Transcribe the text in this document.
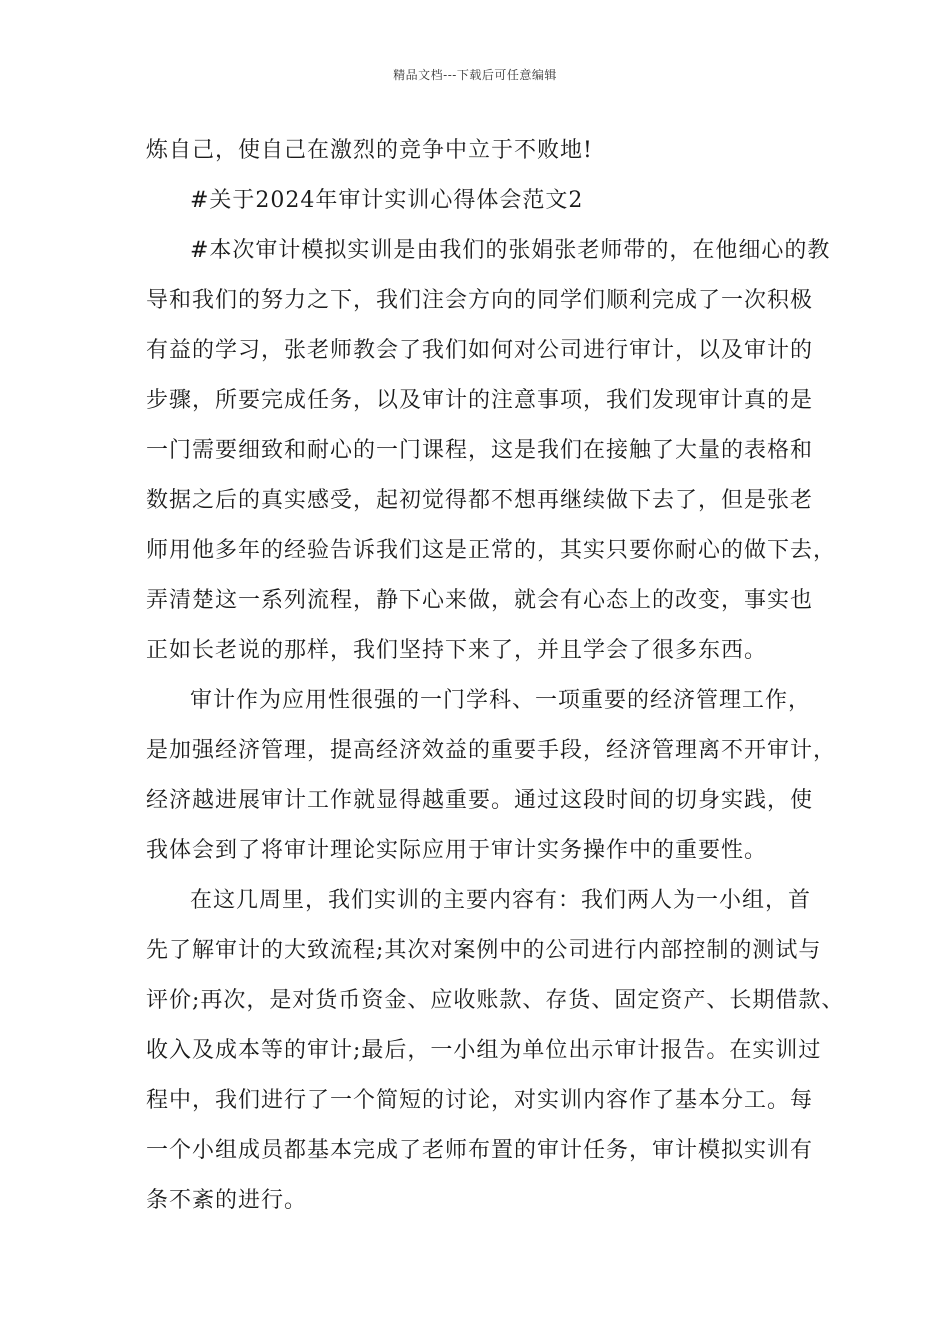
精品文档---下载后可任意编辑
炼自己，使自己在激烈的竞争中立于不败地!
#关于2024年审计实训心得体会范文2
#本次审计模拟实训是由我们的张娟张老师带的，在他细心的教
导和我们的努力之下，我们注会方向的同学们顺利完成了一次积极
有益的学习，张老师教会了我们如何对公司进行审计，以及审计的
步骤，所要完成任务，以及审计的注意事项，我们发现审计真的是
一门需要细致和耐心的一门课程，这是我们在接触了大量的表格和
数据之后的真实感受，起初觉得都不想再继续做下去了，但是张老
师用他多年的经验告诉我们这是正常的，其实只要你耐心的做下去，
弄清楚这一系列流程，静下心来做，就会有心态上的改变，事实也
正如长老说的那样，我们坚持下来了，并且学会了很多东西。
审计作为应用性很强的一门学科、一项重要的经济管理工作，
是加强经济管理，提高经济效益的重要手段，经济管理离不开审计，
经济越进展审计工作就显得越重要。通过这段时间的切身实践，使
我体会到了将审计理论实际应用于审计实务操作中的重要性。
在这几周里，我们实训的主要内容有：我们两人为一小组，首
先了解审计的大致流程;其次对案例中的公司进行内部控制的测试与
评价;再次，是对货币资金、应收账款、存货、固定资产、长期借款、
收入及成本等的审计;最后，一小组为单位出示审计报告。在实训过
程中，我们进行了一个简短的讨论，对实训内容作了基本分工。每
一个小组成员都基本完成了老师布置的审计任务，审计模拟实训有
条不紊的进行。
